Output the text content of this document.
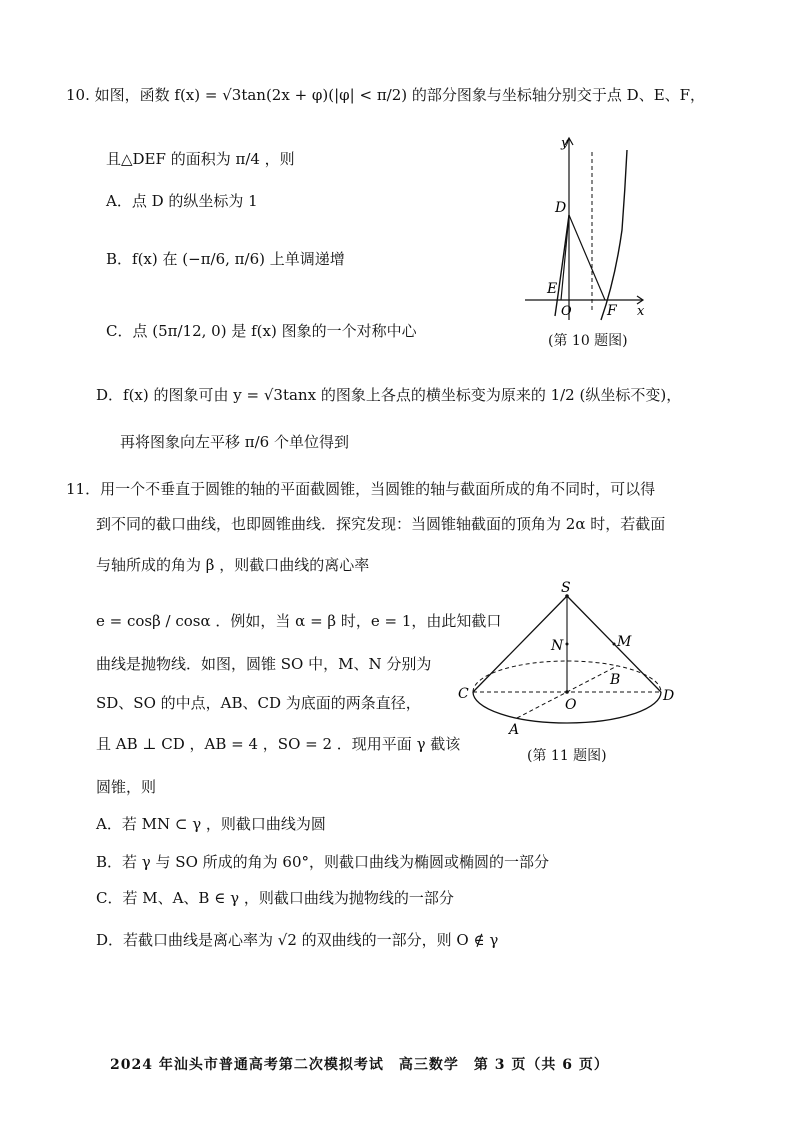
10. 如图，函数 f(x) = √3tan(2x + φ)(|φ| < π/2) 的部分图象与坐标轴分别交于点 D、E、F，
且△DEF 的面积为 π/4 ，则
A．点 D 的纵坐标为 1
B．f(x) 在 (−π/6, π/6) 上单调递增
C．点 (5π/12, 0) 是 f(x) 图象的一个对称中心
D．f(x) 的图象可由 y = √3tanx 的图象上各点的横坐标变为原来的 1/2 (纵坐标不变)，
再将图象向左平移 π/6 个单位得到
y
x
D
E
O	F
(第 10 题图)
11．用一个不垂直于圆锥的轴的平面截圆锥，当圆锥的轴与截面所成的角不同时，可以得
到不同的截口曲线，也即圆锥曲线．探究发现：当圆锥轴截面的顶角为 2α 时，若截面
与轴所成的角为 β ，则截口曲线的离心率
e = cosβ / cosα ．例如，当 α = β 时，e = 1，由此知截口
曲线是抛物线．如图，圆锥 SO 中，M、N 分别为
SD、SO 的中点，AB、CD 为底面的两条直径，
且 AB ⊥ CD ，AB = 4 ，SO = 2 ．现用平面 γ 截该
圆锥，则
A．若 MN ⊂ γ ，则截口曲线为圆
B．若 γ 与 SO 所成的角为 60°，则截口曲线为椭圆或椭圆的一部分
C．若 M、A、B ∈ γ ，则截口曲线为抛物线的一部分
D．若截口曲线是离心率为 √2 的双曲线的一部分，则 O ∉ γ
S
N	M
C
B
O
D
A
(第 11 题图)
2024 年汕头市普通高考第二次模拟考试　高三数学　第 3 页（共 6 页）
